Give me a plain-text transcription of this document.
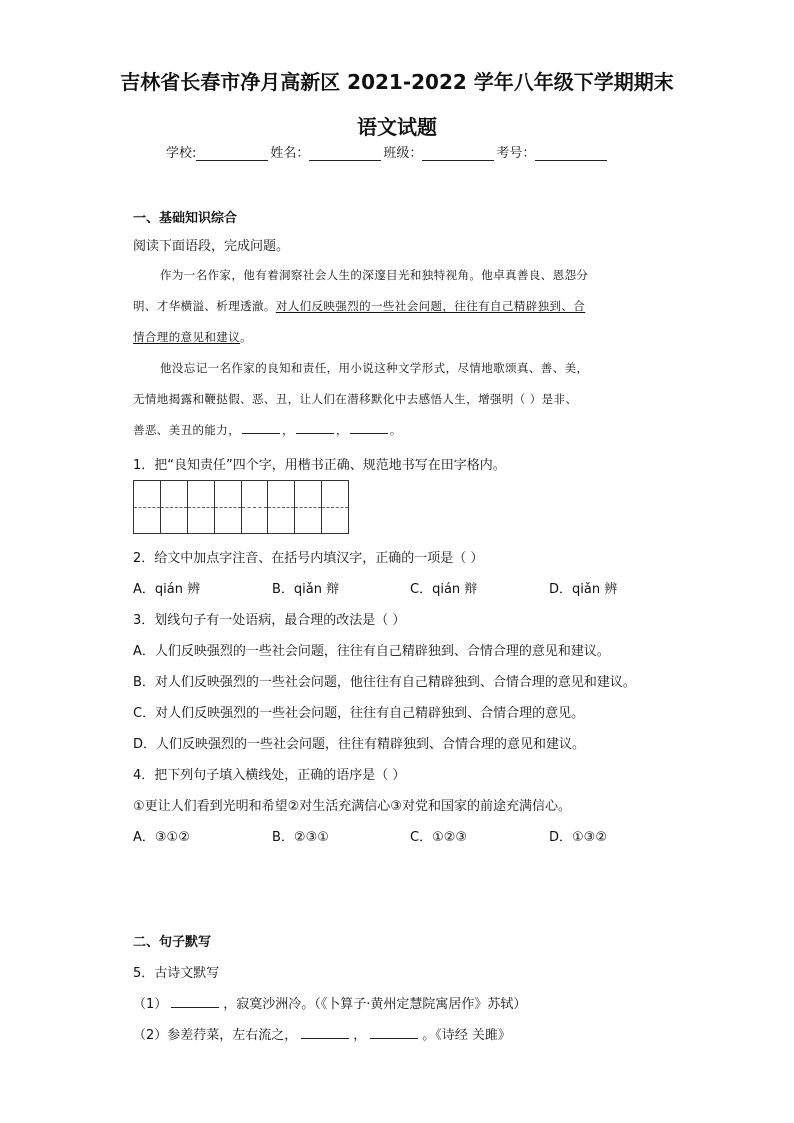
吉林省长春市净月高新区 2021-2022 学年八年级下学期期末
语文试题
学校:	姓名：	班级：	考号：
一、基础知识综合
阅读下面语段，完成问题。
作为一名作家，他有着洞察社会人生的深邃目光和独特视角。他卓真善良、恩怨分
明、才华横溢、析理透澈。对人们反映强烈的一些社会问题，往往有自己精辟独到、合
情合理的意见和建议。
他没忘记一名作家的良知和责任，用小说这种文学形式，尽情地歌颂真、善、美，
无情地揭露和鞭挞假、恶、丑，让人们在潜移默化中去感悟人生，增强明（ ）是非、
善恶、美丑的能力，	，	，	。
1．把“良知责任”四个字，用楷书正确、规范地书写在田字格内。
2．给文中加点字注音、在括号内填汉字，正确的一项是（ ）
A．qián 辨	B．qiǎn 辩	C．qián 辩	D．qiǎn 辨
3．划线句子有一处语病，最合理的改法是（ ）
A．人们反映强烈的一些社会问题，往往有自己精辟独到、合情合理的意见和建议。
B．对人们反映强烈的一些社会问题，他往往有自己精辟独到、合情合理的意见和建议。
C．对人们反映强烈的一些社会问题，往往有自己精辟独到、合情合理的意见。
D．人们反映强烈的一些社会问题，往往有精辟独到、合情合理的意见和建议。
4．把下列句子填入横线处，正确的语序是（ ）
①更让人们看到光明和希望②对生活充满信心③对党和国家的前途充满信心。
A．③①②	B．②③①	C．①②③	D．①③②
二、句子默写
5．古诗文默写
（1）	，寂寞沙洲冷。（《卜算子·黄州定慧院寓居作》苏轼）
（2）参差荇菜，左右流之，	，	。《诗经 关雎》
